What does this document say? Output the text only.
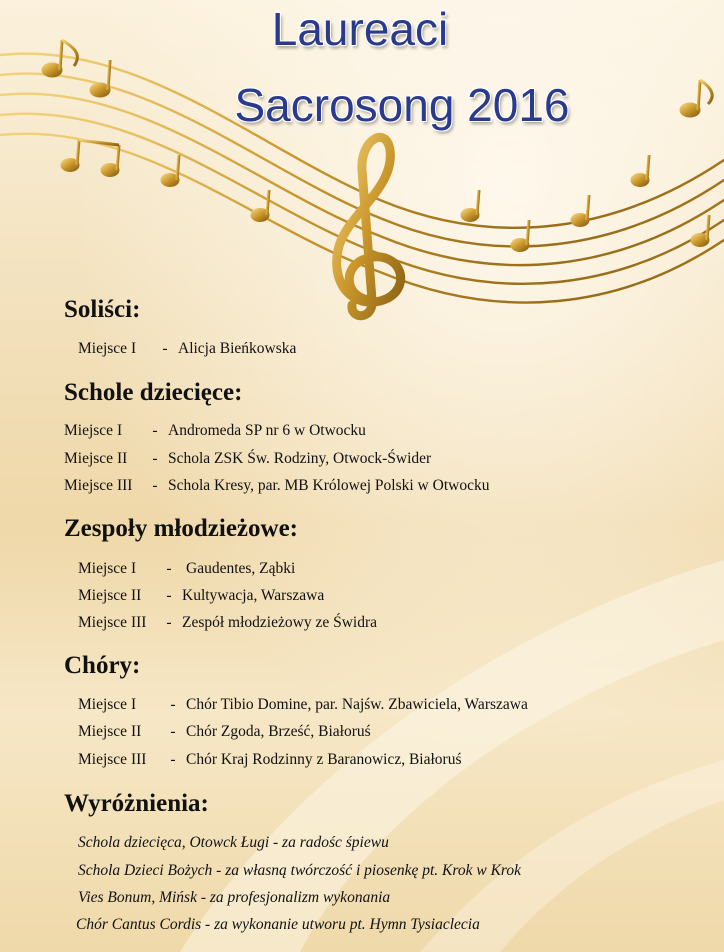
Laureaci
Sacrosong 2016
Soliści:
Miejsce I - Alicja Bieńkowska
Schole dziecięce:
Miejsce I - Andromeda SP nr 6 w Otwocku
Miejsce II - Schola ZSK Św. Rodziny, Otwock-Świder
Miejsce III - Schola Kresy, par. MB Królowej Polski w Otwocku
Zespoły młodzieżowe:
Miejsce I - Gaudentes, Ząbki
Miejsce II - Kultywacja, Warszawa
Miejsce III - Zespół młodzieżowy ze Świdra
Chóry:
Miejsce I - Chór Tibio Domine, par. Najśw. Zbawiciela, Warszawa
Miejsce II - Chór Zgoda, Brześć, Białoruś
Miejsce III - Chór Kraj Rodzinny z Baranowicz, Białoruś
Wyróżnienia:
Schola dziecięca, Otowck Ługi - za radośc śpiewu
Schola Dzieci Bożych - za własną twórczość i piosenkę pt. Krok w Krok
Vies Bonum, Mińsk - za profesjonalizm wykonania
Chór Cantus Cordis - za wykonanie utworu pt. Hymn Tysiaclecia
